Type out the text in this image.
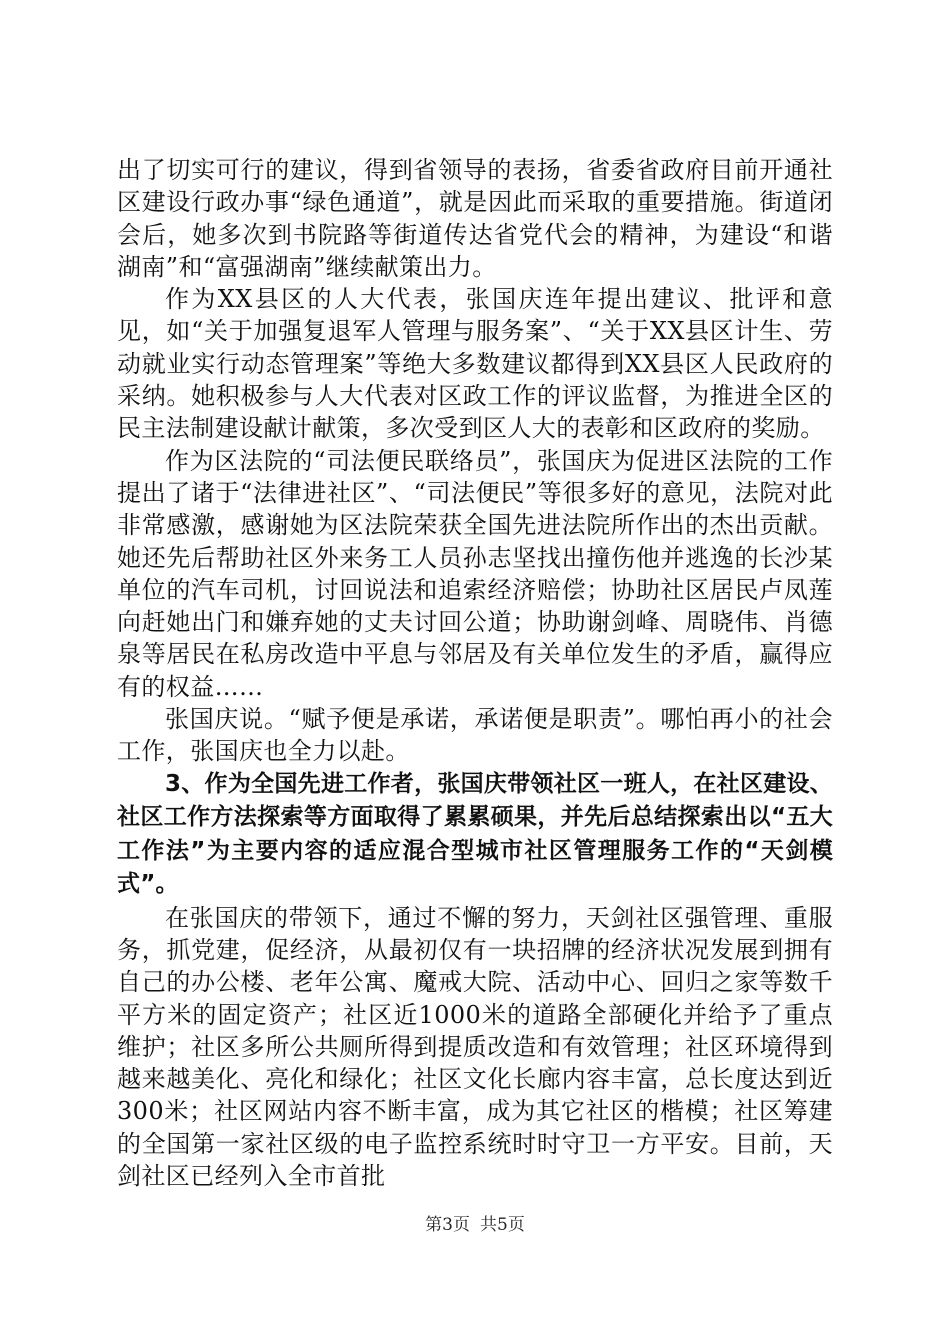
出了切实可行的建议，得到省领导的表扬，省委省政府目前开通社区建设行政办事“绿色通道”，就是因此而采取的重要措施。街道闭会后，她多次到书院路等街道传达省党代会的精神，为建设“和谐湖南”和“富强湖南”继续献策出力。

作为XX县区的人大代表，张国庆连年提出建议、批评和意见，如“关于加强复退军人管理与服务案”、“关于XX县区计生、劳动就业实行动态管理案”等绝大多数建议都得到XX县区人民政府的采纳。她积极参与人大代表对区政工作的评议监督，为推进全区的民主法制建设献计献策，多次受到区人大的表彰和区政府的奖励。

作为区法院的“司法便民联络员”，张国庆为促进区法院的工作提出了诸于“法律进社区”、“司法便民”等很多好的意见，法院对此非常感激，感谢她为区法院荣获全国先进法院所作出的杰出贡献。她还先后帮助社区外来务工人员孙志坚找出撞伤他并逃逸的长沙某单位的汽车司机，讨回说法和追索经济赔偿；协助社区居民卢凤莲向赶她出门和嫌弃她的丈夫讨回公道；协助谢剑峰、周晓伟、肖德泉等居民在私房改造中平息与邻居及有关单位发生的矛盾，赢得应有的权益……

张国庆说。“赋予便是承诺，承诺便是职责”。哪怕再小的社会工作，张国庆也全力以赴。

3、作为全国先进工作者，张国庆带领社区一班人，在社区建设、社区工作方法探索等方面取得了累累硕果，并先后总结探索出以“五大工作法”为主要内容的适应混合型城市社区管理服务工作的“天剑模式”。

在张国庆的带领下，通过不懈的努力，天剑社区强管理、重服务，抓党建，促经济，从最初仅有一块招牌的经济状况发展到拥有自己的办公楼、老年公寓、魔戒大院、活动中心、回归之家等数千平方米的固定资产；社区近1000米的道路全部硬化并给予了重点维护；社区多所公共厕所得到提质改造和有效管理；社区环境得到越来越美化、亮化和绿化；社区文化长廊内容丰富，总长度达到近300米；社区网站内容不断丰富，成为其它社区的楷模；社区筹建的全国第一家社区级的电子监控系统时时守卫一方平安。目前，天剑社区已经列入全市首批

第3页 共5页
